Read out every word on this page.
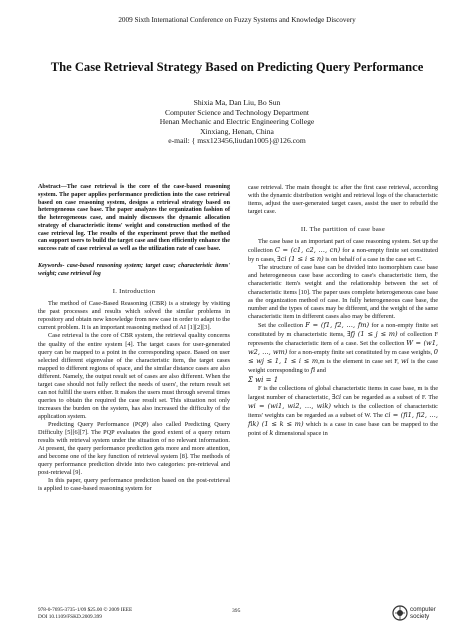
2009 Sixth International Conference on Fuzzy Systems and Knowledge Discovery
The Case Retrieval Strategy Based on Predicting Query Performance
Shixia Ma, Dan Liu, Bo Sun
Computer Science and Technology Department
Henan Mechanic and Electric Engineering College
Xinxiang, Henan, China
e-mail: { msx123456,liudan1005}@126.com
Abstract—The case retrieval is the core of the case-based reasoning system. The paper applies performance prediction into the case retrieval based on case reasoning system, designs a retrieval strategy based on heterogeneous case base. The paper analyzes the organization fashion of the heterogeneous case, and mainly discusses the dynamic allocation strategy of characteristic items' weight and construction method of the case retrieval log. The results of the experiment prove that the method can support users to build the target case and then efficiently enhance the success rate of case retrieval as well as the utilization rate of case base.
Keywords- case-based reasoning system; target case; characteristic items' weight; case retrieval log
I. Introduction

The method of Case-Based Reasoning (CBR) is a strategy by visiting the past processes and results which solved the similar problems in repository and obtain new knowledge from new case in order to adapt to the current problem. It is an important reasoning method of AI [1][2][3].

Case retrieval is the core of CBR system, the retrieval quality concerns the quality of the entire system [4]. The target cases for user-generated query can be mapped to a point in the corresponding space. Based on user selected different eigenvalue of the characteristic item, the target cases mapped to different regions of space, and the similar distance cases are also different. Namely, the output result set of cases are also different. When the target case should not fully reflect the needs of users', the return result set can not fulfill the users either. It makes the users must through several times queries to obtain the required the case result set. This situation not only increases the burden on the system, has also increased the difficulty of the application system.

Predicting Query Performance (PQP) also called Predicting Query Difficulty [5][6][7]. The PQP evaluates the good extent of a query return results with retrieval system under the situation of no relevant information. At present, the query performance prediction gets more and more attention, and become one of the key function of retrieval system [8]. The methods of query performance prediction divide into two categories: pre-retrieval and post-retrieval [9].

In this paper, query performance prediction based on the post-retrieval is applied to case-based reasoning system for

case retrieval. The main thought is: after the first case retrieval, according with the dynamic distribution weight and retrieval logs of the characteristic items, adjust the user-generated target cases, assist the user to rebuild the target case.

II. The partition of case base

The case base is an important part of case reasoning system. Set up the collection C = (c1, c2, …, cn) for a non-empty finite set constituted by n cases, ∃ci (1 ≤ i ≤ n) is on behalf of a case in the case set C.

The structure of case base can be divided into isomorphism case base and heterogeneous case base according to case's characteristic item, the characteristic item's weight and the relationship between the set of characteristic items [10]. The paper uses complete heterogeneous case base as the organization method of case. In fully heterogeneous case base, the number and the types of cases may be different, and the weight of the same characteristic item in different cases also may be different.

Set the collection F = (f1, f2, …, fm) for a non-empty finite set constituted by m characteristic items, ∃fj (1 ≤ j ≤ m) of collection F represents the characteristic item of a case. Set the collection W = (w1, w2, …, wm) for a non-empty finite set constituted by m case weights, 0 ≤ wj ≤ 1, 1 ≤ i ≤ m,m is the element in case set F, wi is the case weight corresponding to fi and

Σ wi = 1

F is the collections of global characteristic items in case base, m is the largest number of characteristic, ∃ci can be regarded as a subset of F. The wi = (wi1, wi2, …, wik) which is the collection of characteristic items' weights can be regarded as a subset of W. The ci = (fi1, fi2, …, fik) (1 ≤ k ≤ m) which is a case in case base can be mapped to the point of k dimensional space in

978-0-7695-3735-1/09 $25.00 © 2009 IEEE
DOI 10.1109/FSKD.2009.399
395	computer society
